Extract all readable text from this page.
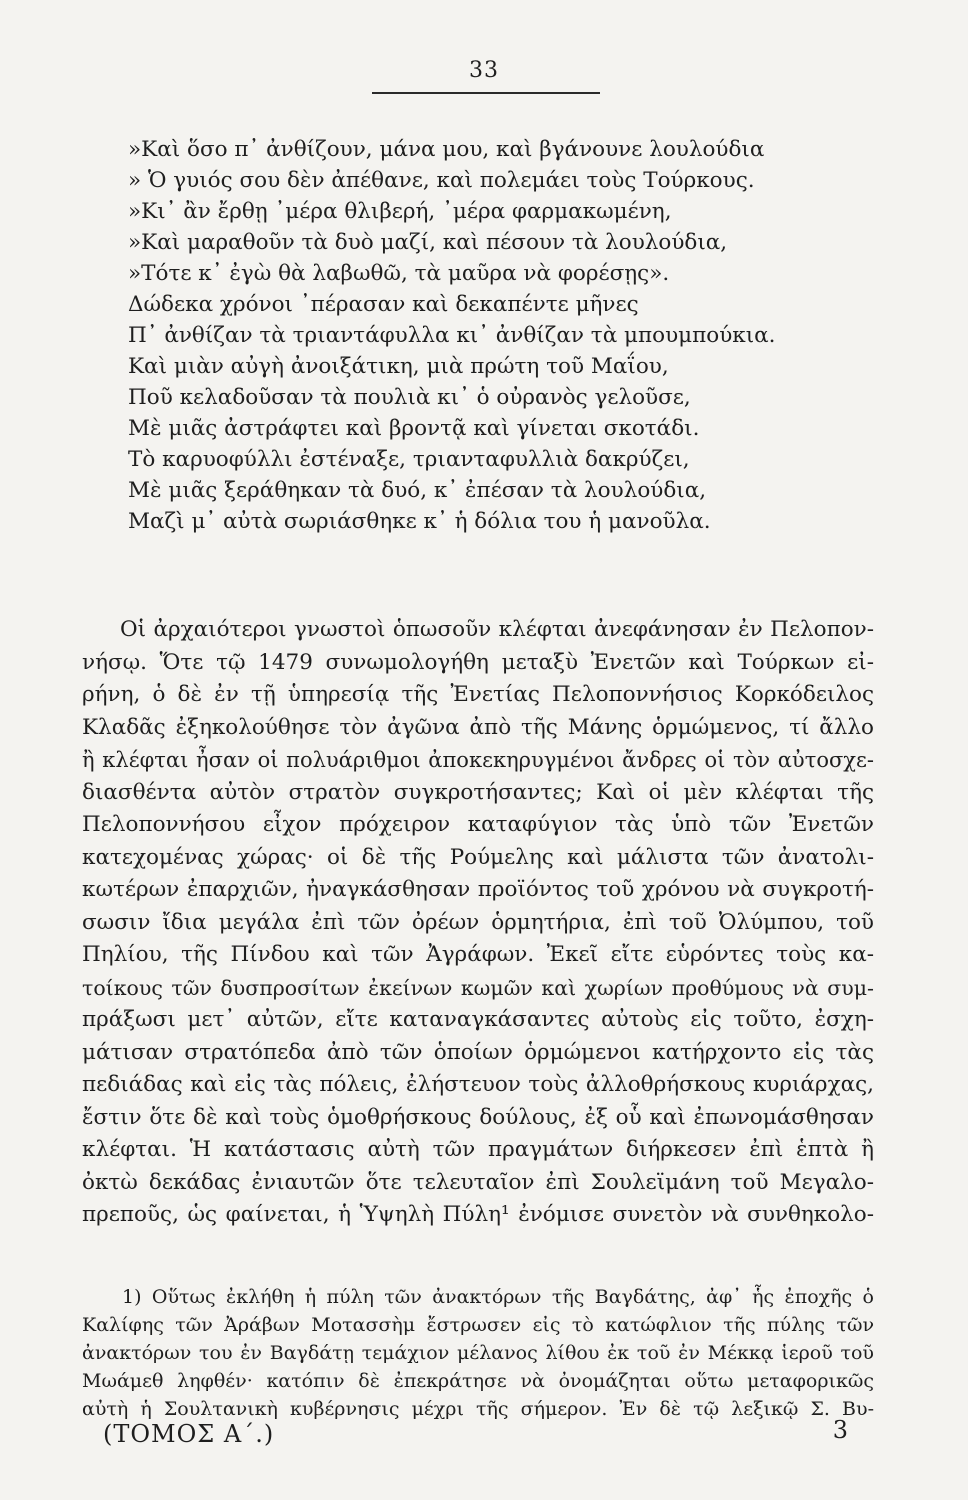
33
»Καὶ ὅσο π᾽ ἀνθίζουν, μάνα μου, καὶ βγάνουνε λουλούδια
» Ὁ γυιός σου δὲν ἀπέθανε, καὶ πολεμάει τοὺς Τούρκους.
»Κι᾽ ἂν ἔρθῃ ᾽μέρα θλιβερή, ᾽μέρα φαρμακωμένη,
»Καὶ μαραθοῦν τὰ δυὸ μαζί, καὶ πέσουν τὰ λουλούδια,
»Τότε κ᾽ ἐγὼ θὰ λαβωθῶ, τὰ μαῦρα νὰ φορέσῃς».
Δώδεκα χρόνοι ᾽πέρασαν καὶ δεκαπέντε μῆνες
Π᾽ ἀνθίζαν τὰ τριαντάφυλλα κι᾽ ἀνθίζαν τὰ μπουμπούκια.
Καὶ μιὰν αὐγὴ ἀνοιξάτικη, μιὰ πρώτη τοῦ Μαΐου,
Ποῦ κελαδοῦσαν τὰ πουλιὰ κι᾽ ὁ οὐρανὸς γελοῦσε,
Μὲ μιᾶς ἀστράφτει καὶ βροντᾷ καὶ γίνεται σκοτάδι.
Τὸ καρυοφύλλι ἐστέναξε, τριανταφυλλιὰ δακρύζει,
Μὲ μιᾶς ξεράθηκαν τὰ δυό, κ᾽ ἐπέσαν τὰ λουλούδια,
Μαζὶ μ᾽ αὐτὰ σωριάσθηκε κ᾽ ἡ δόλια του ἡ μανοῦλα.
Οἱ ἀρχαιότεροι γνωστοὶ ὁπωσοῦν κλέφται ἀνεφάνησαν ἐν Πελοπον-
νήσῳ. Ὅτε τῷ 1479 συνωμολογήθη μεταξὺ Ἐνετῶν καὶ Τούρκων εἰ-
ρήνη, ὁ δὲ ἐν τῇ ὑπηρεσίᾳ τῆς Ἐνετίας Πελοποννήσιος Κορκόδειλος
Κλαδᾶς ἐξηκολούθησε τὸν ἀγῶνα ἀπὸ τῆς Μάνης ὁρμώμενος, τί ἄλλο
ἢ κλέφται ἦσαν οἱ πολυάριθμοι ἀποκεκηρυγμένοι ἄνδρες οἱ τὸν αὐτοσχε-
διασθέντα αὐτὸν στρατὸν συγκροτήσαντες; Καὶ οἱ μὲν κλέφται τῆς
Πελοποννήσου εἶχον πρόχειρον καταφύγιον τὰς ὑπὸ τῶν Ἐνετῶν
κατεχομένας χώρας· οἱ δὲ τῆς Ρούμελης καὶ μάλιστα τῶν ἀνατολι-
κωτέρων ἐπαρχιῶν, ἠναγκάσθησαν προϊόντος τοῦ χρόνου νὰ συγκροτή-
σωσιν ἴδια μεγάλα ἐπὶ τῶν ὀρέων ὁρμητήρια, ἐπὶ τοῦ Ὀλύμπου, τοῦ
Πηλίου, τῆς Πίνδου καὶ τῶν Ἀγράφων. Ἐκεῖ εἴτε εὑρόντες τοὺς κα-
τοίκους τῶν δυσπροσίτων ἐκείνων κωμῶν καὶ χωρίων προθύμους νὰ συμ-
πράξωσι μετ᾽ αὐτῶν, εἴτε καταναγκάσαντες αὐτοὺς εἰς τοῦτο, ἐσχη-
μάτισαν στρατόπεδα ἀπὸ τῶν ὁποίων ὁρμώμενοι κατήρχοντο εἰς τὰς
πεδιάδας καὶ εἰς τὰς πόλεις, ἐλήστευον τοὺς ἀλλοθρήσκους κυριάρχας,
ἔστιν ὅτε δὲ καὶ τοὺς ὁμοθρήσκους δούλους, ἐξ οὗ καὶ ἐπωνομάσθησαν
κλέφται. Ἡ κατάστασις αὐτὴ τῶν πραγμάτων διήρκεσεν ἐπὶ ἑπτὰ ἢ
ὀκτὼ δεκάδας ἐνιαυτῶν ὅτε τελευταῖον ἐπὶ Σουλεϊμάνη τοῦ Μεγαλο-
πρεποῦς, ὡς φαίνεται, ἡ Ὑψηλὴ Πύλη¹ ἐνόμισε συνετὸν νὰ συνθηκολο-
1) Οὕτως ἐκλήθη ἡ πύλη τῶν ἀνακτόρων τῆς Βαγδάτης, ἀφ᾽ ἧς ἐποχῆς ὁ
Καλίφης τῶν Ἀράβων Μοτασσὴμ ἔστρωσεν εἰς τὸ κατώφλιον τῆς πύλης τῶν
ἀνακτόρων του ἐν Βαγδάτῃ τεμάχιον μέλανος λίθου ἐκ τοῦ ἐν Μέκκᾳ ἱεροῦ τοῦ
Μωάμεθ ληφθέν· κατόπιν δὲ ἐπεκράτησε νὰ ὀνομάζηται οὕτω μεταφορικῶς
αὐτὴ ἡ Σουλτανικὴ κυβέρνησις μέχρι τῆς σήμερον. Ἐν δὲ τῷ λεξικῷ Σ. Βυ-
(ΤΟΜΟΣ Α΄.)	3
